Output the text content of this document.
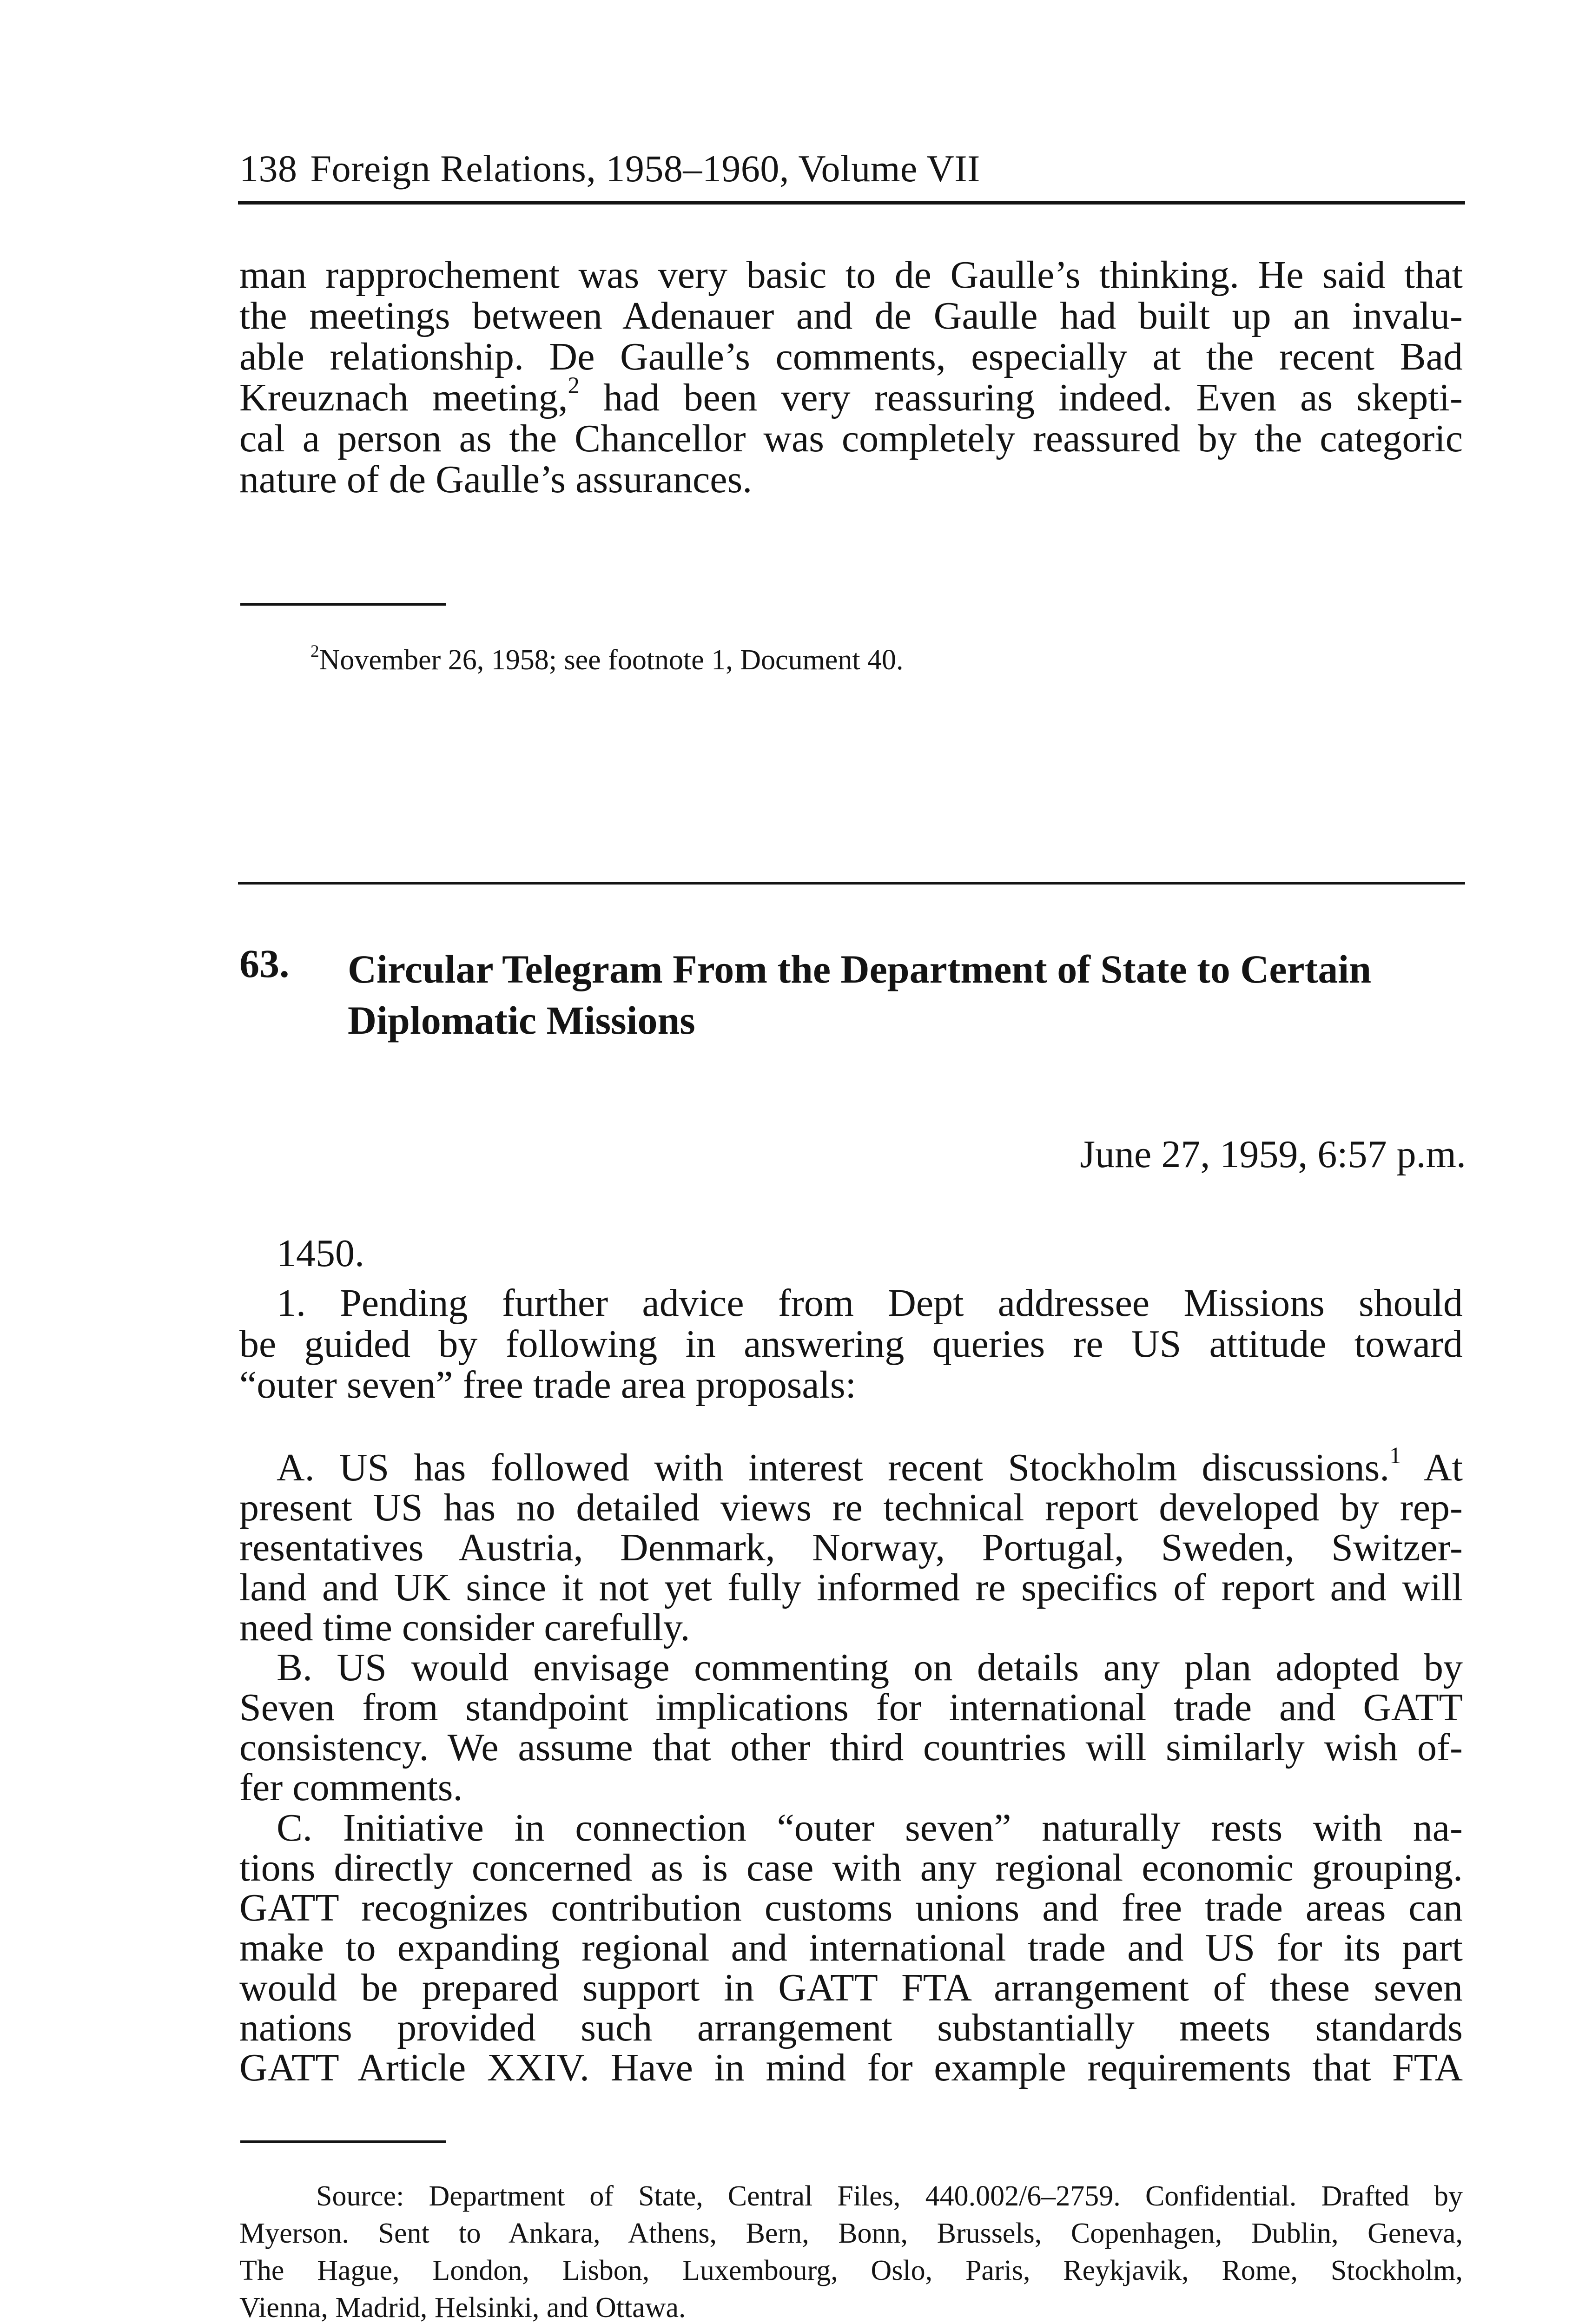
138 Foreign Relations, 1958–1960, Volume VII
man rapprochement was very basic to de Gaulle’s thinking. He said that
the meetings between Adenauer and de Gaulle had built up an invalu-
able relationship. De Gaulle’s comments, especially at the recent Bad
Kreuznach meeting,$^2$ had been very reassuring indeed. Even as skepti-
cal a person as the Chancellor was completely reassured by the categoric
nature of de Gaulle’s assurances.

$^2$November 26, 1958; see footnote 1, Document 40.

63. Circular Telegram From the Department of State to Certain
Diplomatic Missions
June 27, 1959, 6:57 p.m.
1450.
1. Pending further advice from Dept addressee Missions should
be guided by following in answering queries re US attitude toward
“outer seven” free trade area proposals:
A. US has followed with interest recent Stockholm discussions.$^1$ At
present US has no detailed views re technical report developed by rep-
resentatives Austria, Denmark, Norway, Portugal, Sweden, Switzer-
land and UK since it not yet fully informed re specifics of report and will
need time consider carefully.
B. US would envisage commenting on details any plan adopted by
Seven from standpoint implications for international trade and GATT
consistency. We assume that other third countries will similarly wish of-
fer comments.
C. Initiative in connection “outer seven” naturally rests with na-
tions directly concerned as is case with any regional economic grouping.
GATT recognizes contribution customs unions and free trade areas can
make to expanding regional and international trade and US for its part
would be prepared support in GATT FTA arrangement of these seven
nations provided such arrangement substantially meets standards
GATT Article XXIV. Have in mind for example requirements that FTA
Source: Department of State, Central Files, 440.002/6–2759. Confidential. Drafted by
Myerson. Sent to Ankara, Athens, Bern, Bonn, Brussels, Copenhagen, Dublin, Geneva,
The Hague, London, Lisbon, Luxembourg, Oslo, Paris, Reykjavik, Rome, Stockholm,
Vienna, Madrid, Helsinki, and Ottawa.
